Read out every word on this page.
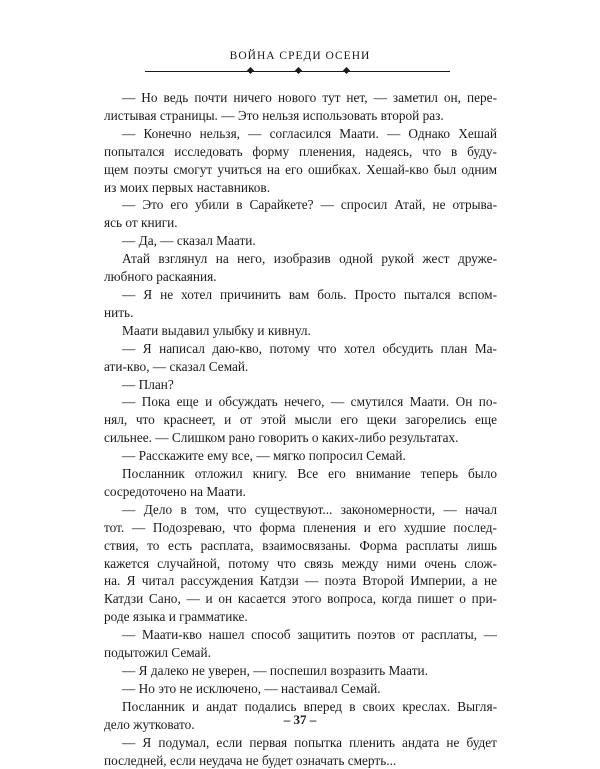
ВОЙНА СРЕДИ ОСЕНИ
— Но ведь почти ничего нового тут нет, — заметил он, пере-
листывая страницы. — Это нельзя использовать второй раз.
— Конечно нельзя, — согласился Маати. — Однако Хешай
попытался исследовать форму пленения, надеясь, что в буду-
щем поэты смогут учиться на его ошибках. Хешай-кво был одним
из моих первых наставников.
— Это его убили в Сарайкете? — спросил Атай, не отрыва-
ясь от книги.
— Да, — сказал Маати.
Атай взглянул на него, изобразив одной рукой жест друже-
любного раскаяния.
— Я не хотел причинить вам боль. Просто пытался вспом-
нить.
Маати выдавил улыбку и кивнул.
— Я написал даю-кво, потому что хотел обсудить план Ма-
ати-кво, — сказал Семай.
— План?
— Пока еще и обсуждать нечего, — смутился Маати. Он по-
нял, что краснеет, и от этой мысли его щеки загорелись еще
сильнее. — Слишком рано говорить о каких-либо результатах.
— Расскажите ему все, — мягко попросил Семай.
Посланник отложил книгу. Все его внимание теперь было
сосредоточено на Маати.
— Дело в том, что существуют... закономерности, — начал
тот. — Подозреваю, что форма пленения и его худшие послед-
ствия, то есть расплата, взаимосвязаны. Форма расплаты лишь
кажется случайной, потому что связь между ними очень слож-
на. Я читал рассуждения Катдзи — поэта Второй Империи, а не
Катдзи Сано, — и он касается этого вопроса, когда пишет о при-
роде языка и грамматике.
— Маати-кво нашел способ защитить поэтов от расплаты, —
подытожил Семай.
— Я далеко не уверен, — поспешил возразить Маати.
— Но это не исключено, — настаивал Семай.
Посланник и андат подались вперед в своих креслах. Выгля-
дело жутковато.
— Я подумал, если первая попытка пленить андата не будет
последней, если неудача не будет означать смерть...
– 37 –
